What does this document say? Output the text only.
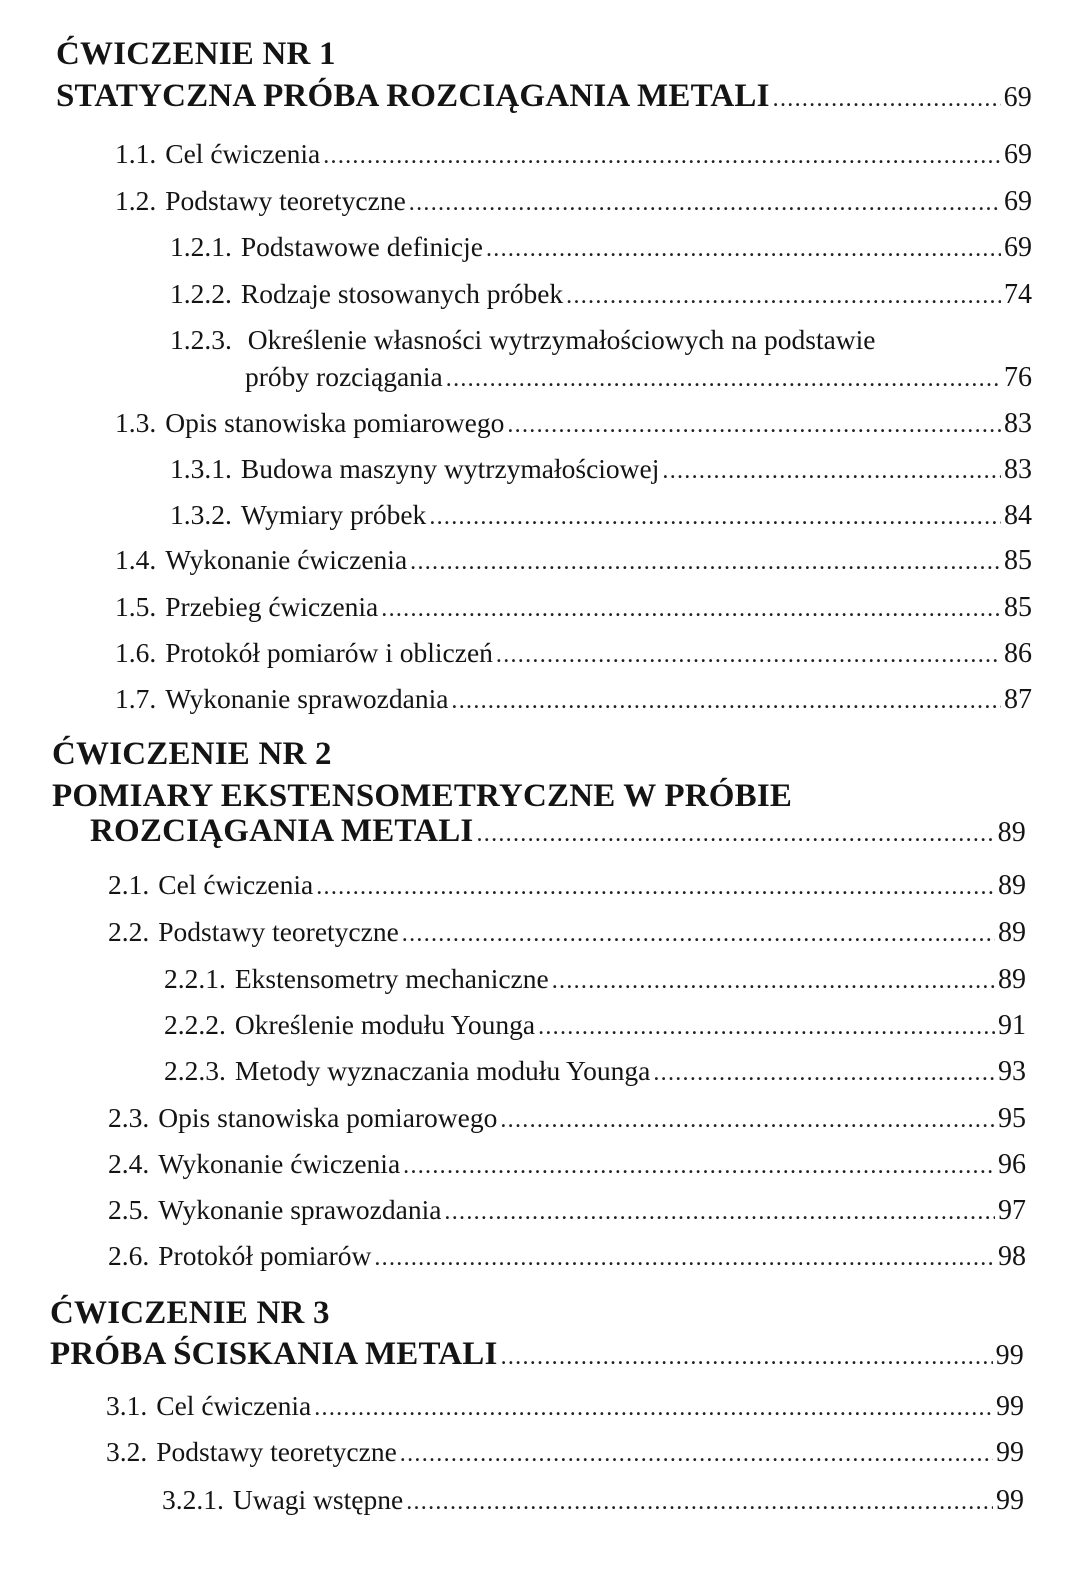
ĆWICZENIE NR 1
STATYCZNA PRÓBA ROZCIĄGANIA METALI .....	69
1.1. Cel ćwiczenia .....	69
1.2. Podstawy teoretyczne .....	69
1.2.1. Podstawowe definicje .....	69
1.2.2. Rodzaje stosowanych próbek .....	74
1.2.3. Określenie własności wytrzymałościowych na podstawie
próby rozciągania .....	76
1.3. Opis stanowiska pomiarowego .....	83
1.3.1. Budowa maszyny wytrzymałościowej .....	83
1.3.2. Wymiary próbek .....	84
1.4. Wykonanie ćwiczenia .....	85
1.5. Przebieg ćwiczenia .....	85
1.6. Protokół pomiarów i obliczeń .....	86
1.7. Wykonanie sprawozdania .....	87
ĆWICZENIE NR 2
POMIARY EKSTENSOMETRYCZNE W PRÓBIE
ROZCIĄGANIA METALI .....	89
2.1. Cel ćwiczenia .....	89
2.2. Podstawy teoretyczne .....	89
2.2.1. Ekstensometry mechaniczne .....	89
2.2.2. Określenie modułu Younga .....	91
2.2.3. Metody wyznaczania modułu Younga .....	93
2.3. Opis stanowiska pomiarowego .....	95
2.4. Wykonanie ćwiczenia .....	96
2.5. Wykonanie sprawozdania .....	97
2.6. Protokół pomiarów .....	98
ĆWICZENIE NR 3
PRÓBA ŚCISKANIA METALI .....	99
3.1. Cel ćwiczenia .....	99
3.2. Podstawy teoretyczne .....	99
3.2.1. Uwagi wstępne .....	99
